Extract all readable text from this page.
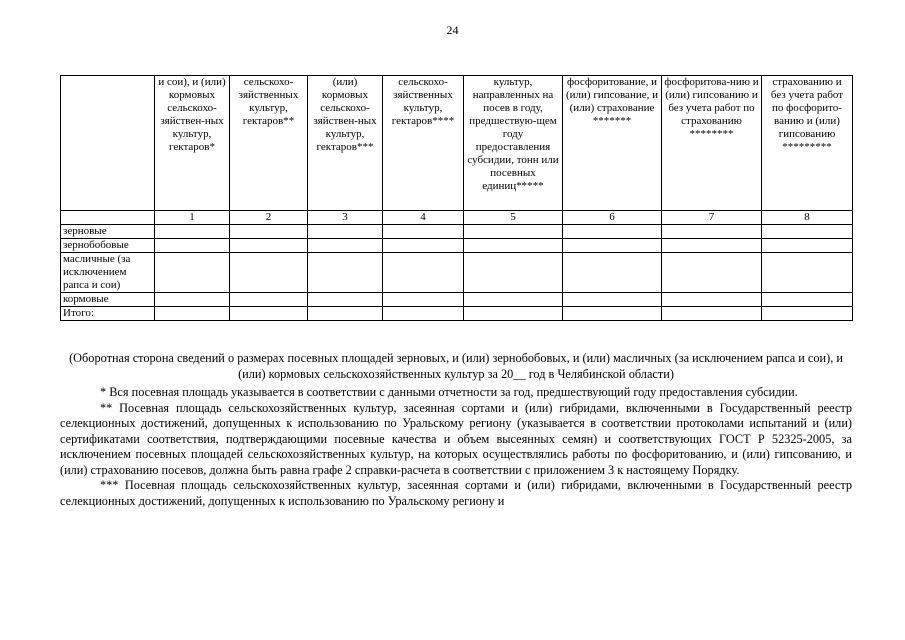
24
	и сои), и (или) кормовых сельскохо-зяйствен-ных культур, гектаров*	сельскохо-зяйственных культур, гектаров**	(или) кормовых сельскохо-зяйствен-ных культур, гектаров***	сельскохо-зяйственных культур, гектаров****	культур, направленных на посев в году, предшествую-щем году предоставления субсидии, тонн или посевных единиц*****	фосфоритование, и (или) гипсование, и (или) страхование *******	фосфоритова-нию и (или) гипсованию и без учета работ по страхованию ********	страхованию и без учета работ по фосфорито-ванию и (или) гипсованию *********
	1	2	3	4	5	6	7	8
зерновые								
зернобобовые								
масличные (за исключением рапса и сои)								
кормовые								
Итого:								
(Оборотная сторона сведений о размерах посевных площадей зерновых, и (или) зернобобовых, и (или) масличных (за исключением рапса и сои), и (или) кормовых сельскохозяйственных культур за 20__ год в Челябинской области)

* Вся посевная площадь указывается в соответствии с данными отчетности за год, предшествующий году предоставления субсидии.

** Посевная площадь сельскохозяйственных культур, засеянная сортами и (или) гибридами, включенными в Государственный реестр селекционных достижений, допущенных к использованию по Уральскому региону (указывается в соответствии протоколами испытаний и (или) сертификатами соответствия, подтверждающими посевные качества и объем высеянных семян) и соответствующих ГОСТ Р 52325-2005, за исключением посевных площадей сельскохозяйственных культур, на которых осуществлялись работы по фосфоритованию, и (или) гипсованию, и (или) страхованию посевов, должна быть равна графе 2 справки-расчета в соответствии с приложением 3 к настоящему Порядку.

*** Посевная площадь сельскохозяйственных культур, засеянная сортами и (или) гибридами, включенными в Государственный реестр селекционных достижений, допущенных к использованию по Уральскому региону и
